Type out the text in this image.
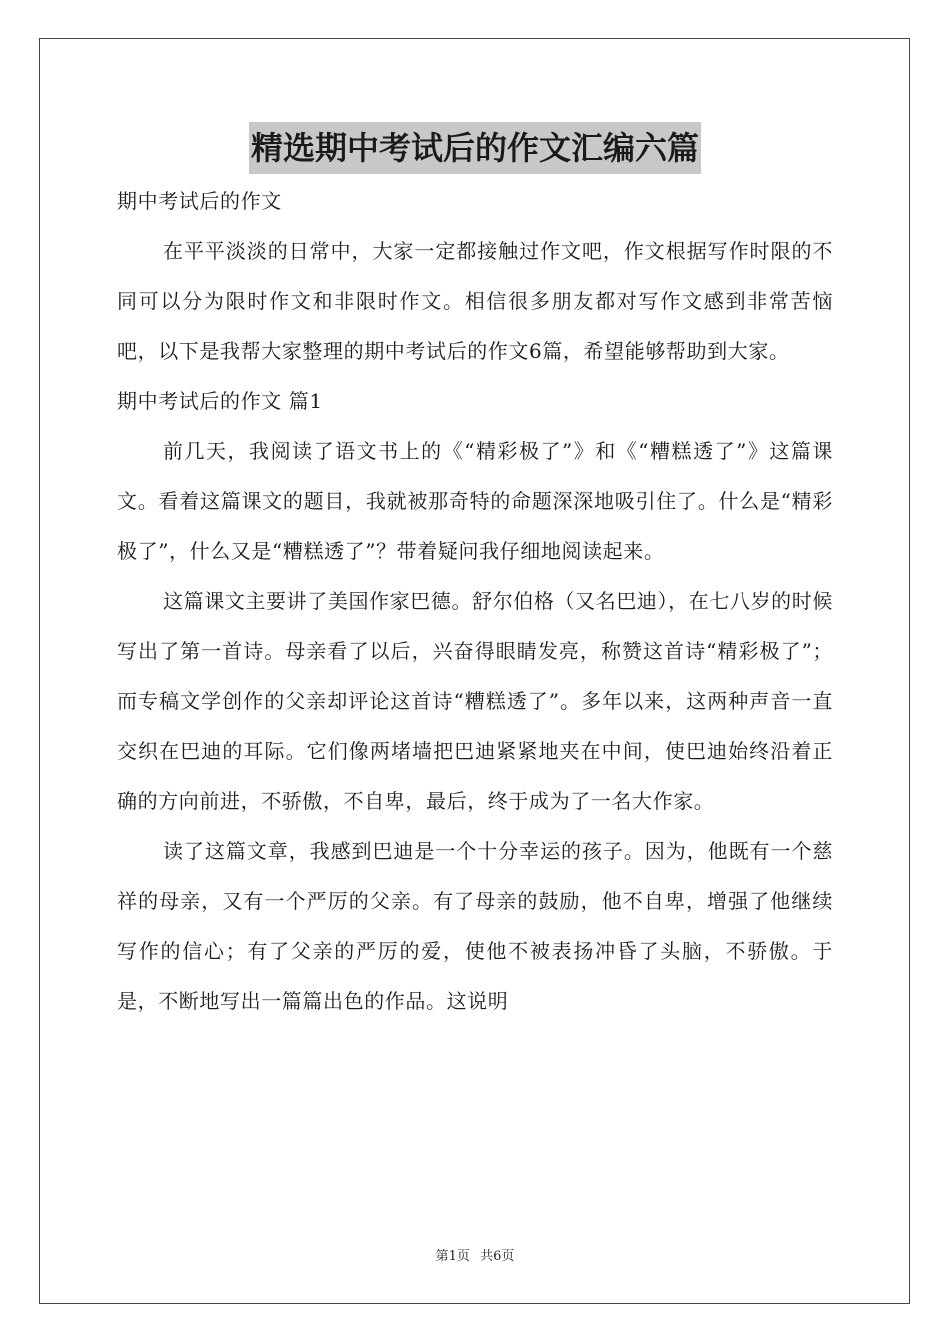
精选期中考试后的作文汇编六篇

期中考试后的作文

在平平淡淡的日常中，大家一定都接触过作文吧，作文根据写作时限的不同可以分为限时作文和非限时作文。相信很多朋友都对写作文感到非常苦恼吧，以下是我帮大家整理的期中考试后的作文6篇，希望能够帮助到大家。

期中考试后的作文 篇1

前几天，我阅读了语文书上的《“精彩极了”》和《“糟糕透了”》这篇课文。看着这篇课文的题目，我就被那奇特的命题深深地吸引住了。什么是“精彩极了”，什么又是“糟糕透了”？带着疑问我仔细地阅读起来。

这篇课文主要讲了美国作家巴德。舒尔伯格（又名巴迪），在七八岁的时候写出了第一首诗。母亲看了以后，兴奋得眼睛发亮，称赞这首诗“精彩极了”；而专稿文学创作的父亲却评论这首诗“糟糕透了”。多年以来，这两种声音一直交织在巴迪的耳际。它们像两堵墙把巴迪紧紧地夹在中间，使巴迪始终沿着正确的方向前进，不骄傲，不自卑，最后，终于成为了一名大作家。

读了这篇文章，我感到巴迪是一个十分幸运的孩子。因为，他既有一个慈祥的母亲，又有一个严厉的父亲。有了母亲的鼓励，他不自卑，增强了他继续写作的信心；有了父亲的严厉的爱，使他不被表扬冲昏了头脑，不骄傲。于是，不断地写出一篇篇出色的作品。这说明

第1页 共6页
